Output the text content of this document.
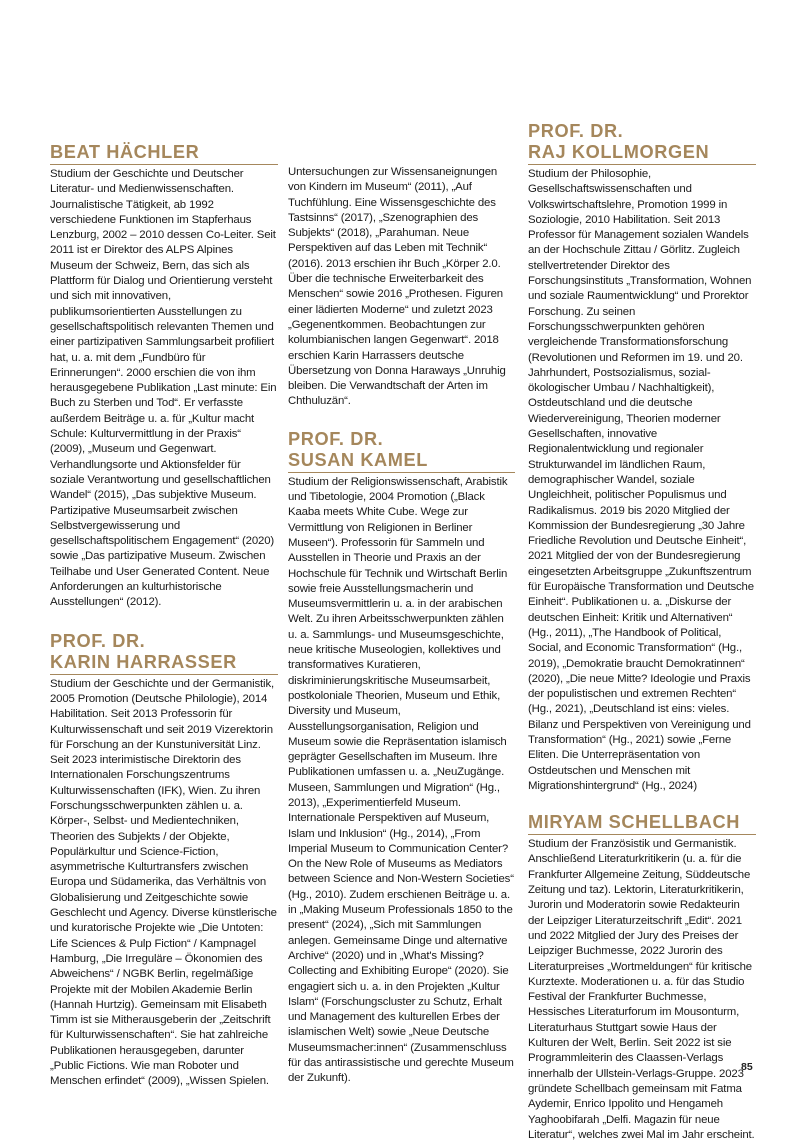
BEAT HÄCHLER

Studium der Geschichte und Deutscher Literatur- und Medienwissenschaften. Journalistische Tätigkeit, ab 1992 verschiedene Funktionen im Stapferhaus Lenzburg, 2002 – 2010 dessen Co-Leiter. Seit 2011 ist er Direktor des ALPS Alpines Museum der Schweiz, Bern, das sich als Plattform für Dialog und Orientierung versteht und sich mit innovativen, publikumsorientierten Ausstellungen zu gesellschaftspolitisch relevanten Themen und einer partizipativen Sammlungsarbeit profiliert hat, u. a. mit dem „Fundbüro für Erinnerungen“. 2000 erschien die von ihm herausgegebene Publikation „Last minute: Ein Buch zu Sterben und Tod“. Er verfasste außerdem Beiträge u. a. für „Kultur macht Schule: Kulturvermittlung in der Praxis“ (2009), „Museum und Gegenwart. Verhandlungsorte und Aktionsfelder für soziale Verantwortung und gesellschaftlichen Wandel“ (2015), „Das subjektive Museum. Partizipative Museumsarbeit zwischen Selbstvergewisserung und gesellschaftspolitischem Engagement“ (2020) sowie „Das partizipative Museum. Zwischen Teilhabe und User Generated Content. Neue Anforderungen an kulturhistorische Ausstellungen“ (2012).

PROF. DR.
KARIN HARRASSER

Studium der Geschichte und der Germanistik, 2005 Promotion (Deutsche Philologie), 2014 Habilitation. Seit 2013 Professorin für Kulturwissenschaft und seit 2019 Vizerektorin für Forschung an der Kunstuniversität Linz. Seit 2023 interimistische Direktorin des Internationalen Forschungszentrums Kulturwissenschaften (IFK), Wien. Zu ihren Forschungsschwerpunkten zählen u. a. Körper-, Selbst- und Medientechniken, Theorien des Subjekts / der Objekte, Populärkultur und Science-Fiction, asymmetrische Kulturtransfers zwischen Europa und Südamerika, das Verhältnis von Globalisierung und Zeitgeschichte sowie Geschlecht und Agency. Diverse künstlerische und kuratorische Projekte wie „Die Untoten: Life Sciences & Pulp Fiction“ / Kampnagel Hamburg, „Die Irreguläre – Ökonomien des Abweichens“ / NGBK Berlin, regelmäßige Projekte mit der Mobilen Akademie Berlin (Hannah Hurtzig). Gemeinsam mit Elisabeth Timm ist sie Mitherausgeberin der „Zeitschrift für Kulturwissenschaften“. Sie hat zahlreiche Publikationen herausgegeben, darunter „Public Fictions. Wie man Roboter und Menschen erfindet“ (2009), „Wissen Spielen.

Untersuchungen zur Wissensaneignungen von Kindern im Museum“ (2011), „Auf Tuchfühlung. Eine Wissensgeschichte des Tastsinns“ (2017), „Szenographien des Subjekts“ (2018), „Parahuman. Neue Perspektiven auf das Leben mit Technik“ (2016). 2013 erschien ihr Buch „Körper 2.0. Über die technische Erweiterbarkeit des Menschen“ sowie 2016 „Prothesen. Figuren einer lädierten Moderne“ und zuletzt 2023 „Gegenentkommen. Beobachtungen zur kolumbianischen langen Gegenwart“. 2018 erschien Karin Harrassers deutsche Übersetzung von Donna Haraways „Unruhig bleiben. Die Verwandtschaft der Arten im Chthuluzän“.

PROF. DR.
SUSAN KAMEL

Studium der Religionswissenschaft, Arabistik und Tibetologie, 2004 Promotion („Black Kaaba meets White Cube. Wege zur Vermittlung von Religionen in Berliner Museen“). Professorin für Sammeln und Ausstellen in Theorie und Praxis an der Hochschule für Technik und Wirtschaft Berlin sowie freie Ausstellungsmacherin und Museumsvermittlerin u. a. in der arabischen Welt. Zu ihren Arbeitsschwerpunkten zählen u. a. Sammlungs- und Museumsgeschichte, neue kritische Museologien, kollektives und transformatives Kuratieren, diskriminierungskritische Museumsarbeit, postkoloniale Theorien, Museum und Ethik, Diversity und Museum, Ausstellungsorganisation, Religion und Museum sowie die Repräsentation islamisch geprägter Gesellschaften im Museum. Ihre Publikationen umfassen u. a. „NeuZugänge. Museen, Sammlungen und Migration“ (Hg., 2013), „Experimentierfeld Museum. Internationale Perspektiven auf Museum, Islam und Inklusion“ (Hg., 2014), „From Imperial Museum to Communication Center? On the New Role of Museums as Mediators between Science and Non-Western Societies“ (Hg., 2010). Zudem erschienen Beiträge u. a. in „Making Museum Professionals 1850 to the present“ (2024), „Sich mit Sammlungen anlegen. Gemeinsame Dinge und alternative Archive“ (2020) und in „What's Missing? Collecting and Exhibiting Europe“ (2020). Sie engagiert sich u. a. in den Projekten „Kultur Islam“ (Forschungscluster zu Schutz, Erhalt und Management des kulturellen Erbes der islamischen Welt) sowie „Neue Deutsche Museumsmacher:innen“ (Zusammenschluss für das antirassistische und gerechte Museum der Zukunft).

PROF. DR.
RAJ KOLLMORGEN

Studium der Philosophie, Gesellschaftswissenschaften und Volkswirtschaftslehre, Promotion 1999 in Soziologie, 2010 Habilitation. Seit 2013 Professor für Management sozialen Wandels an der Hochschule Zittau / Görlitz. Zugleich stellvertretender Direktor des Forschungsinstituts „Transformation, Wohnen und soziale Raumentwicklung“ und Prorektor Forschung. Zu seinen Forschungsschwerpunkten gehören vergleichende Transformationsforschung (Revolutionen und Reformen im 19. und 20. Jahrhundert, Postsozialismus, sozial-ökologischer Umbau / Nachhaltigkeit), Ostdeutschland und die deutsche Wiedervereinigung, Theorien moderner Gesellschaften, innovative Regionalentwicklung und regionaler Strukturwandel im ländlichen Raum, demographischer Wandel, soziale Ungleichheit, politischer Populismus und Radikalismus. 2019 bis 2020 Mitglied der Kommission der Bundesregierung „30 Jahre Friedliche Revolution und Deutsche Einheit“, 2021 Mitglied der von der Bundesregierung eingesetzten Arbeitsgruppe „Zukunftszentrum für Europäische Transformation und Deutsche Einheit“. Publikationen u. a. „Diskurse der deutschen Einheit: Kritik und Alternativen“ (Hg., 2011), „The Handbook of Political, Social, and Economic Transformation“ (Hg., 2019), „Demokratie braucht Demokratinnen“ (2020), „Die neue Mitte? Ideologie und Praxis der populistischen und extremen Rechten“ (Hg., 2021), „Deutschland ist eins: vieles. Bilanz und Perspektiven von Vereinigung und Transformation“ (Hg., 2021) sowie „Ferne Eliten. Die Unterrepräsentation von Ostdeutschen und Menschen mit Migrationshintergrund“ (Hg., 2024)

MIRYAM SCHELLBACH

Studium der Französistik und Germanistik. Anschließend Literaturkritikerin (u. a. für die Frankfurter Allgemeine Zeitung, Süddeutsche Zeitung und taz). Lektorin, Literaturkritikerin, Jurorin und Moderatorin sowie Redakteurin der Leipziger Literaturzeitschrift „Edit“. 2021 und 2022 Mitglied der Jury des Preises der Leipziger Buchmesse, 2022 Jurorin des Literaturpreises „Wortmeldungen“ für kritische Kurztexte. Moderationen u. a. für das Studio Festival der Frankfurter Buchmesse, Hessisches Literaturforum im Mousonturm, Literaturhaus Stuttgart sowie Haus der Kulturen der Welt, Berlin. Seit 2022 ist sie Programmleiterin des Claassen-Verlags innerhalb der Ullstein-Verlags-Gruppe. 2023 gründete Schellbach gemeinsam mit Fatma Aydemir, Enrico Ippolito und Hengameh Yaghoobifarah „Delfi. Magazin für neue Literatur“, welches zwei Mal im Jahr erscheint.

85
